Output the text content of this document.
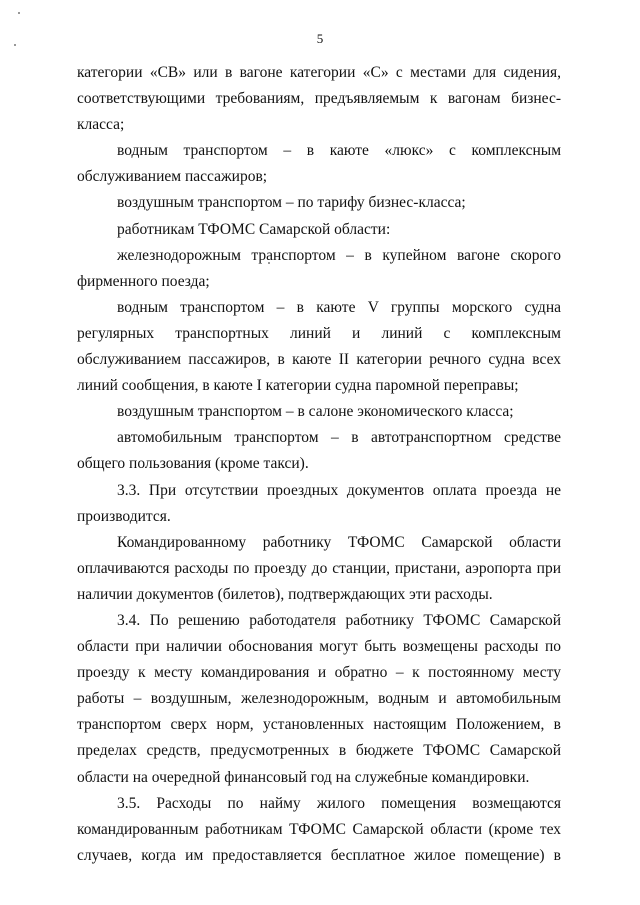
5

категории «СВ» или в вагоне категории «С» с местами для сидения, соответствующими требованиям, предъявляемым к вагонам бизнес-класса;

водным транспортом – в каюте «люкс» с комплексным обслуживанием пассажиров;

воздушным транспортом – по тарифу бизнес-класса;

работникам ТФОМС Самарской области:

железнодорожным транспортом – в купейном вагоне скорого фирменного поезда;

водным транспортом – в каюте V группы морского судна регулярных транспортных линий и линий с комплексным обслуживанием пассажиров, в каюте II категории речного судна всех линий сообщения, в каюте I категории судна паромной переправы;

воздушным транспортом – в салоне экономического класса;

автомобильным транспортом – в автотранспортном средстве общего пользования (кроме такси).

3.3. При отсутствии проездных документов оплата проезда не производится.

Командированному работнику ТФОМС Самарской области оплачиваются расходы по проезду до станции, пристани, аэропорта при наличии документов (билетов), подтверждающих эти расходы.

3.4. По решению работодателя работнику ТФОМС Самарской области при наличии обоснования могут быть возмещены расходы по проезду к месту командирования и обратно – к постоянному месту работы – воздушным, железнодорожным, водным и автомобильным транспортом сверх норм, установленных настоящим Положением, в пределах средств, предусмотренных в бюджете ТФОМС Самарской области на очередной финансовый год на служебные командировки.

3.5. Расходы по найму жилого помещения возмещаются командированным работникам ТФОМС Самарской области (кроме тех случаев, когда им предоставляется бесплатное жилое помещение) в
